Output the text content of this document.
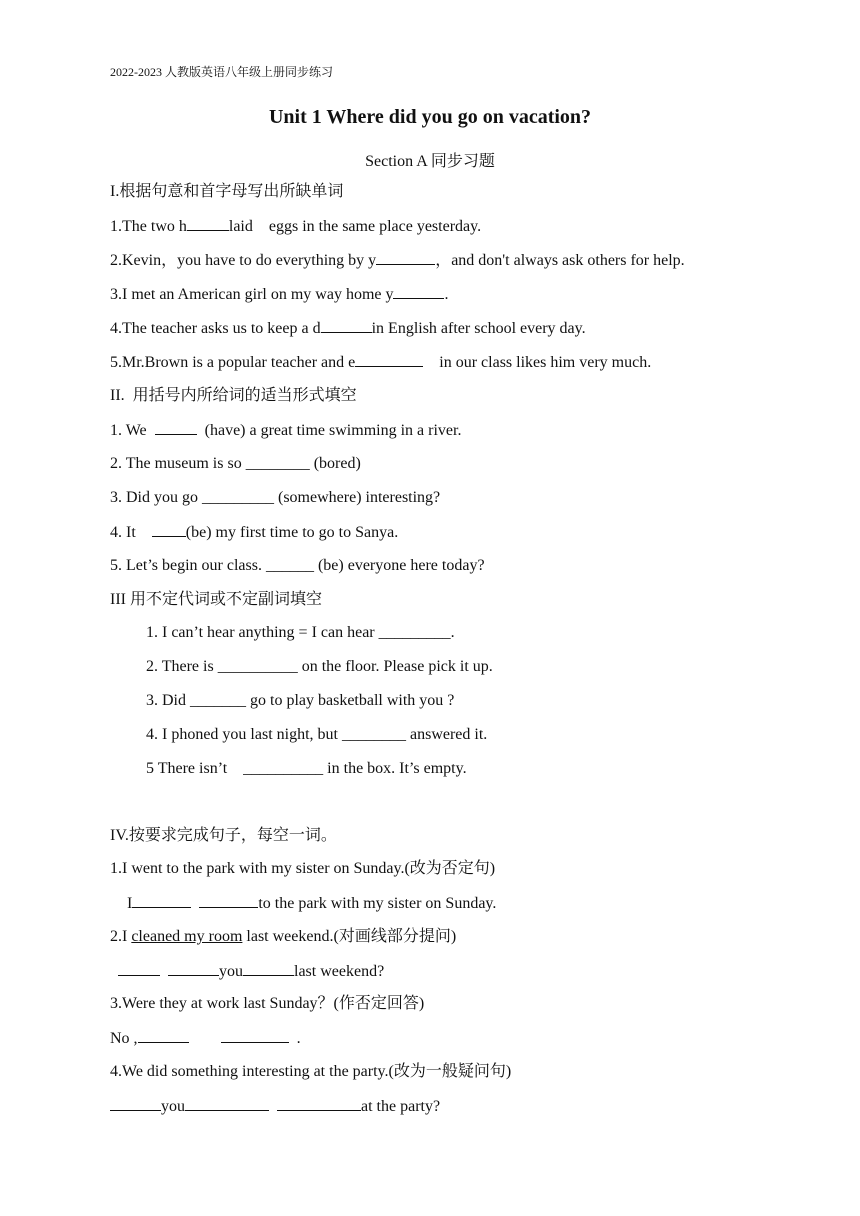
2022-2023 人教版英语八年级上册同步练习
Unit 1 Where did you go on vacation?
Section A 同步习题
I.根据句意和首字母写出所缺单词
1.The two h	laid    eggs in the same place yesterday.
2.Kevin，you have to do everything by y	，and don't always ask others for help.
3.I met an American girl on my way home y	.
4.The teacher asks us to keep a d	in English after school every day.
5.Mr.Brown is a popular teacher and e	in our class likes him very much.
II.  用括号内所给词的适当形式填空
1. We	(have) a great time swimming in a river.
2. The museum is so ________ (bored)
3. Did you go _________ (somewhere) interesting?
4. It    (be) my first time to go to Sanya.
5. Let’s begin our class. ______ (be) everyone here today?
III 用不定代词或不定副词填空
1. I can’t hear anything = I can hear _________.
2. There is __________ on the floor. Please pick it up.
3. Did _______ go to play basketball with you ?
4. I phoned you last night, but ________ answered it.
5 There isn’t    __________ in the box. It’s empty.
IV.按要求完成句子，每空一词。
1.I went to the park with my sister on Sunday.(改为否定句)
I	to the park with my sister on Sunday.
2.I cleaned my room last weekend.(对画线部分提问)
you	last weekend?
3.Were they at work last Sunday？(作否定回答)
No ,	.
4.We did something interesting at the party.(改为一般疑问句)
you	at the party?
